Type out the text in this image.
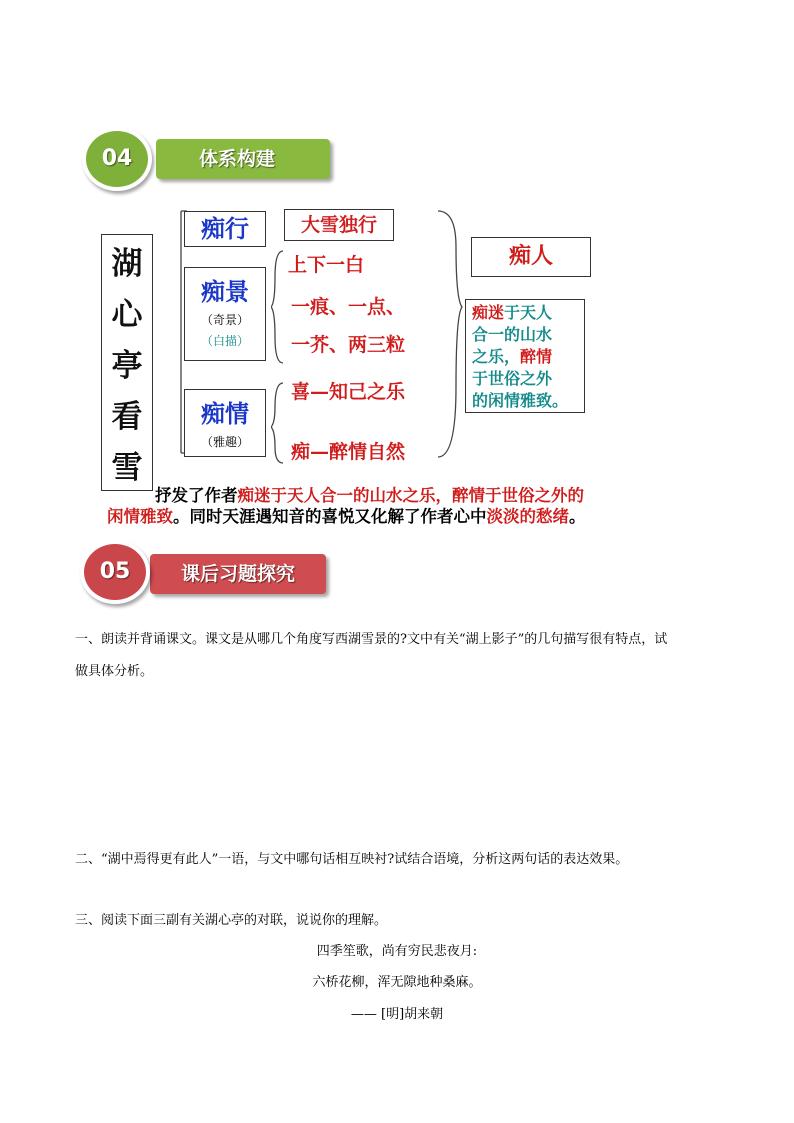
04	体系构建
湖
心
亭
看
雪
痴行
痴景
（奇景）
（白描）
痴情
（雅趣）
大雪独行
上下一白
一痕、一点、
一芥、两三粒
喜—知己之乐
痴—醉情自然
痴人
痴迷于天人
合一的山水
之乐，醉情
于世俗之外
的闲情雅致。
抒发了作者痴迷于天人合一的山水之乐，醉情于世俗之外的
闲情雅致。同时天涯遇知音的喜悦又化解了作者心中淡淡的愁绪。
05	课后习题探究
一、朗读并背诵课文。课文是从哪几个角度写西湖雪景的?文中有关“湖上影子”的几句描写很有特点，试
做具体分析。
二、“湖中焉得更有此人”一语，与文中哪句话相互映衬?试结合语境，分析这两句话的表达效果。
三、阅读下面三副有关湖心亭的对联，说说你的理解。
四季笙歌，尚有穷民悲夜月:
六桥花柳，浑无隙地种桑麻。
—— [明]胡来朝
